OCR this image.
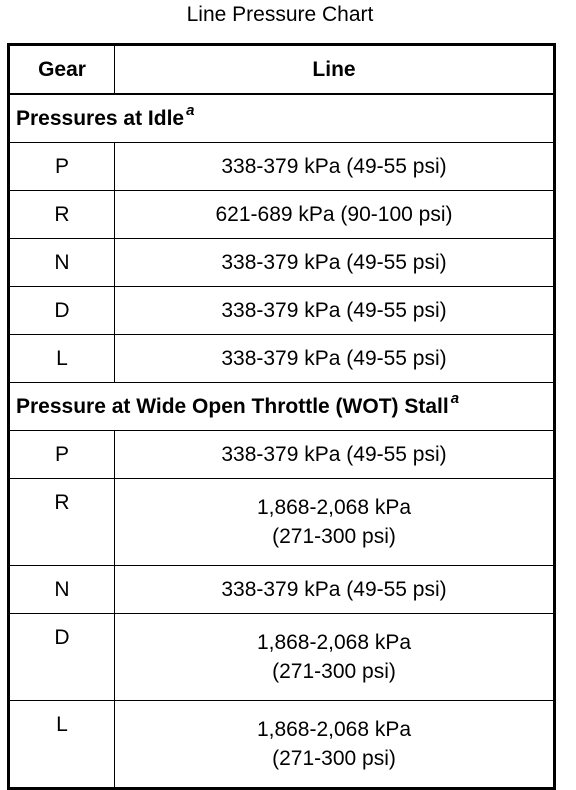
Line Pressure Chart
Gear	Line
Pressures at Idle $^a$
P	338-379 kPa (49-55 psi)
R	621-689 kPa (90-100 psi)
N	338-379 kPa (49-55 psi)
D	338-379 kPa (49-55 psi)
L	338-379 kPa (49-55 psi)
Pressure at Wide Open Throttle (WOT) Stall $^a$
P	338-379 kPa (49-55 psi)
R	1,868-2,068 kPa
(271-300 psi)

N	338-379 kPa (49-55 psi)
D	1,868-2,068 kPa
(271-300 psi)

L	1,868-2,068 kPa
(271-300 psi)
